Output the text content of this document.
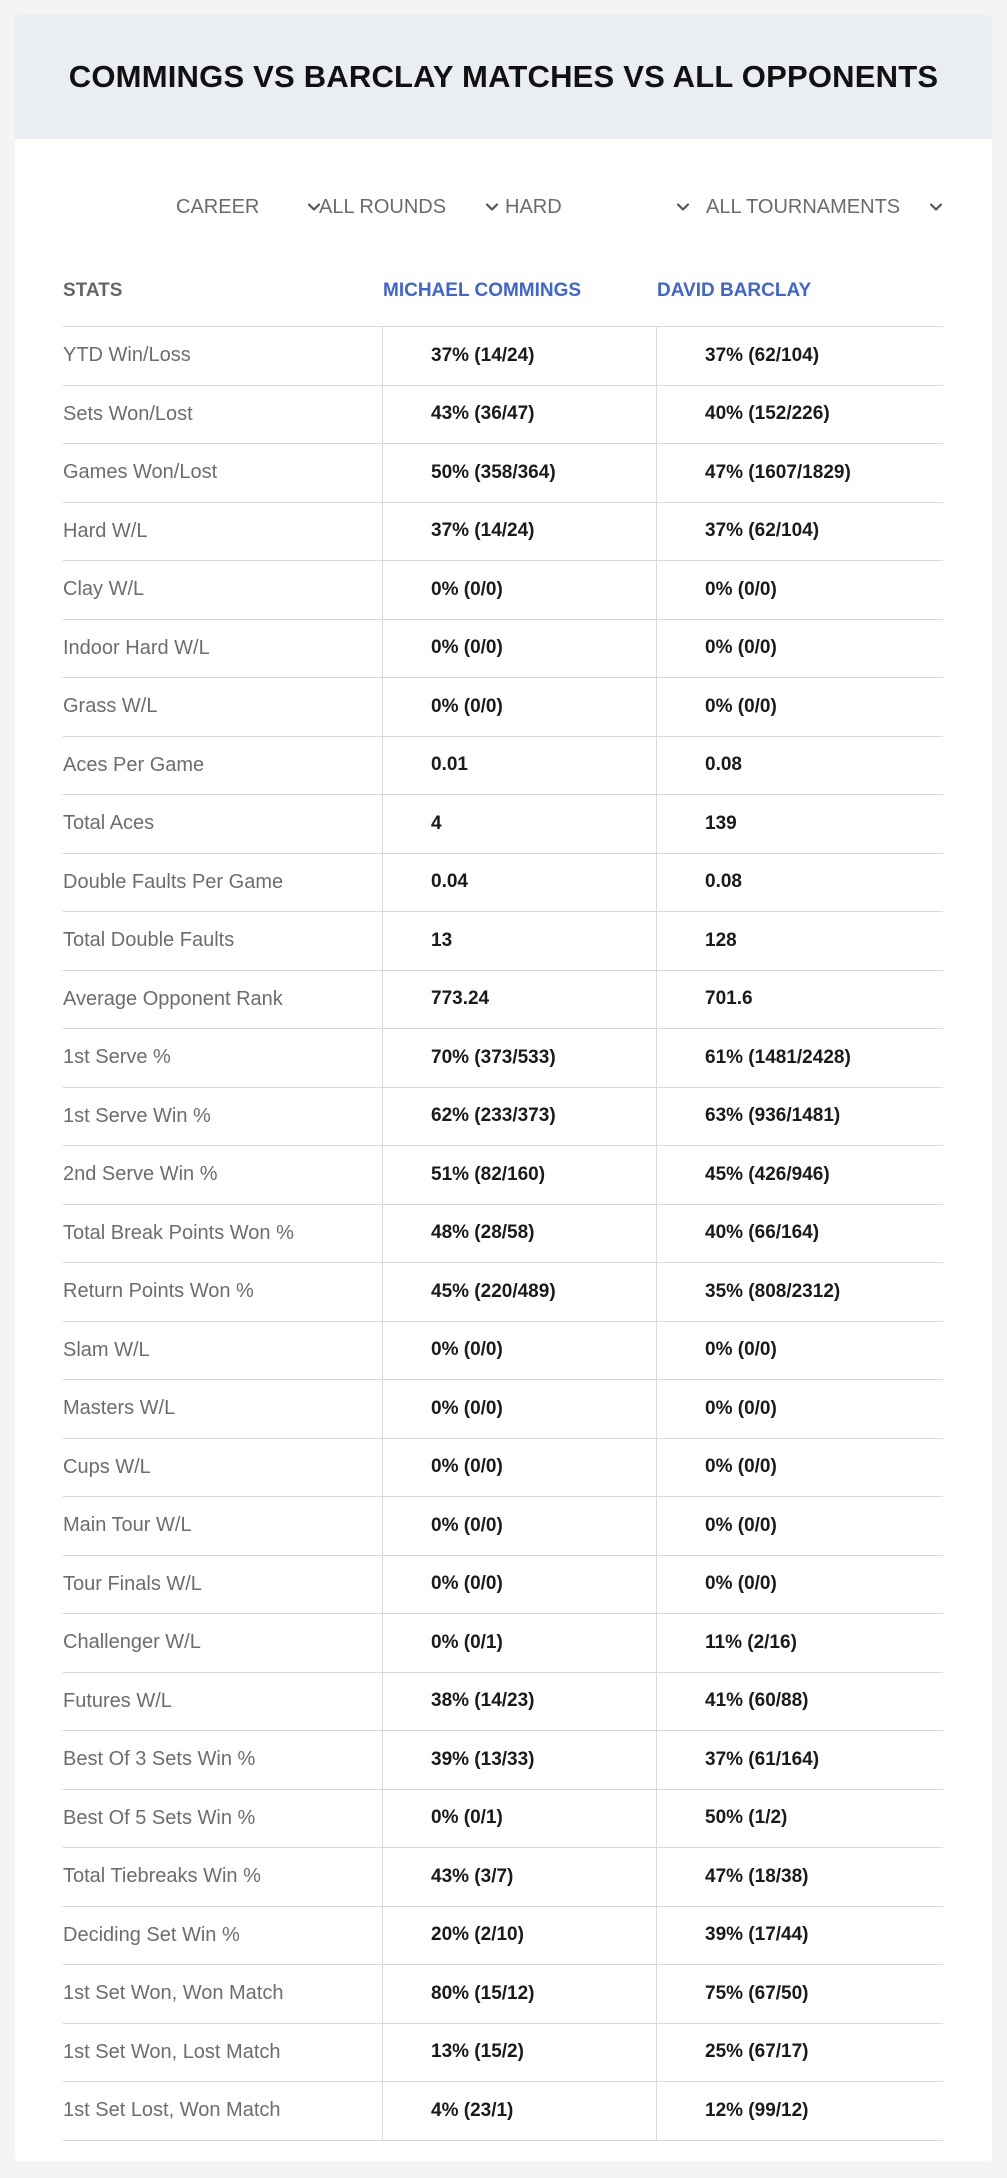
COMMINGS VS BARCLAY MATCHES VS ALL OPPONENTS
CAREER	ALL ROUNDS	HARD	ALL TOURNAMENTS
STATS	MICHAEL COMMINGS	DAVID BARCLAY
YTD Win/Loss	37% (14/24)	37% (62/104)
Sets Won/Lost	43% (36/47)	40% (152/226)
Games Won/Lost	50% (358/364)	47% (1607/1829)
Hard W/L	37% (14/24)	37% (62/104)
Clay W/L	0% (0/0)	0% (0/0)
Indoor Hard W/L	0% (0/0)	0% (0/0)
Grass W/L	0% (0/0)	0% (0/0)
Aces Per Game	0.01	0.08
Total Aces	4	139
Double Faults Per Game	0.04	0.08
Total Double Faults	13	128
Average Opponent Rank	773.24	701.6
1st Serve %	70% (373/533)	61% (1481/2428)
1st Serve Win %	62% (233/373)	63% (936/1481)
2nd Serve Win %	51% (82/160)	45% (426/946)
Total Break Points Won %	48% (28/58)	40% (66/164)
Return Points Won %	45% (220/489)	35% (808/2312)
Slam W/L	0% (0/0)	0% (0/0)
Masters W/L	0% (0/0)	0% (0/0)
Cups W/L	0% (0/0)	0% (0/0)
Main Tour W/L	0% (0/0)	0% (0/0)
Tour Finals W/L	0% (0/0)	0% (0/0)
Challenger W/L	0% (0/1)	11% (2/16)
Futures W/L	38% (14/23)	41% (60/88)
Best Of 3 Sets Win %	39% (13/33)	37% (61/164)
Best Of 5 Sets Win %	0% (0/1)	50% (1/2)
Total Tiebreaks Win %	43% (3/7)	47% (18/38)
Deciding Set Win %	20% (2/10)	39% (17/44)
1st Set Won, Won Match	80% (15/12)	75% (67/50)
1st Set Won, Lost Match	13% (15/2)	25% (67/17)
1st Set Lost, Won Match	4% (23/1)	12% (99/12)
